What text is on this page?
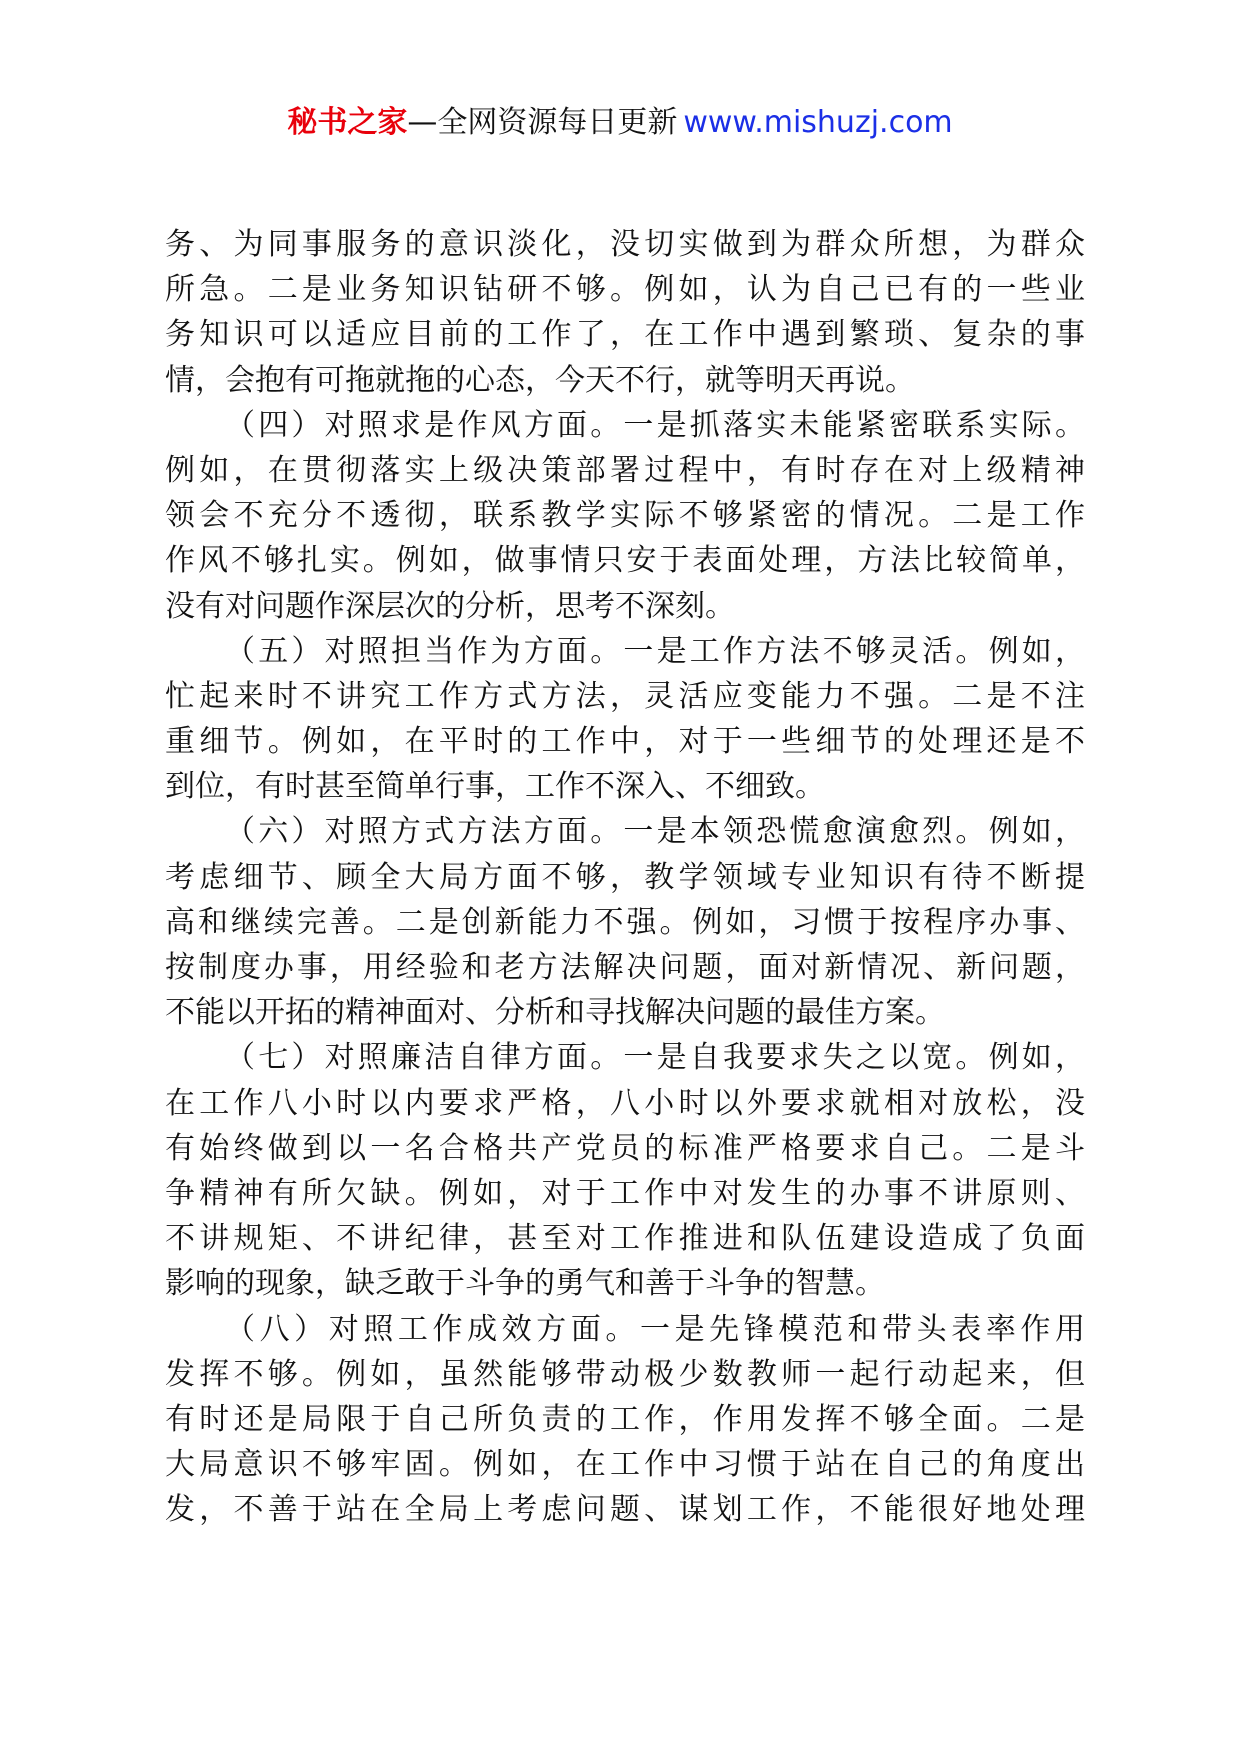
秘书之家—全网资源每日更新 www.mishuzj.com
务、为同事服务的意识淡化，没切实做到为群众所想，为群众
所急。二是业务知识钻研不够。例如，认为自己已有的一些业
务知识可以适应目前的工作了，在工作中遇到繁琐、复杂的事
情，会抱有可拖就拖的心态，今天不行，就等明天再说。
（四）对照求是作风方面。一是抓落实未能紧密联系实际。
例如，在贯彻落实上级决策部署过程中，有时存在对上级精神
领会不充分不透彻，联系教学实际不够紧密的情况。二是工作
作风不够扎实。例如，做事情只安于表面处理，方法比较简单，
没有对问题作深层次的分析，思考不深刻。
（五）对照担当作为方面。一是工作方法不够灵活。例如，
忙起来时不讲究工作方式方法，灵活应变能力不强。二是不注
重细节。例如，在平时的工作中，对于一些细节的处理还是不
到位，有时甚至简单行事，工作不深入、不细致。
（六）对照方式方法方面。一是本领恐慌愈演愈烈。例如，
考虑细节、顾全大局方面不够，教学领域专业知识有待不断提
高和继续完善。二是创新能力不强。例如，习惯于按程序办事、
按制度办事，用经验和老方法解决问题，面对新情况、新问题，
不能以开拓的精神面对、分析和寻找解决问题的最佳方案。
（七）对照廉洁自律方面。一是自我要求失之以宽。例如，
在工作八小时以内要求严格，八小时以外要求就相对放松，没
有始终做到以一名合格共产党员的标准严格要求自己。二是斗
争精神有所欠缺。例如，对于工作中对发生的办事不讲原则、
不讲规矩、不讲纪律，甚至对工作推进和队伍建设造成了负面
影响的现象，缺乏敢于斗争的勇气和善于斗争的智慧。
（八）对照工作成效方面。一是先锋模范和带头表率作用
发挥不够。例如，虽然能够带动极少数教师一起行动起来，但
有时还是局限于自己所负责的工作，作用发挥不够全面。二是
大局意识不够牢固。例如，在工作中习惯于站在自己的角度出
发，不善于站在全局上考虑问题、谋划工作，不能很好地处理
